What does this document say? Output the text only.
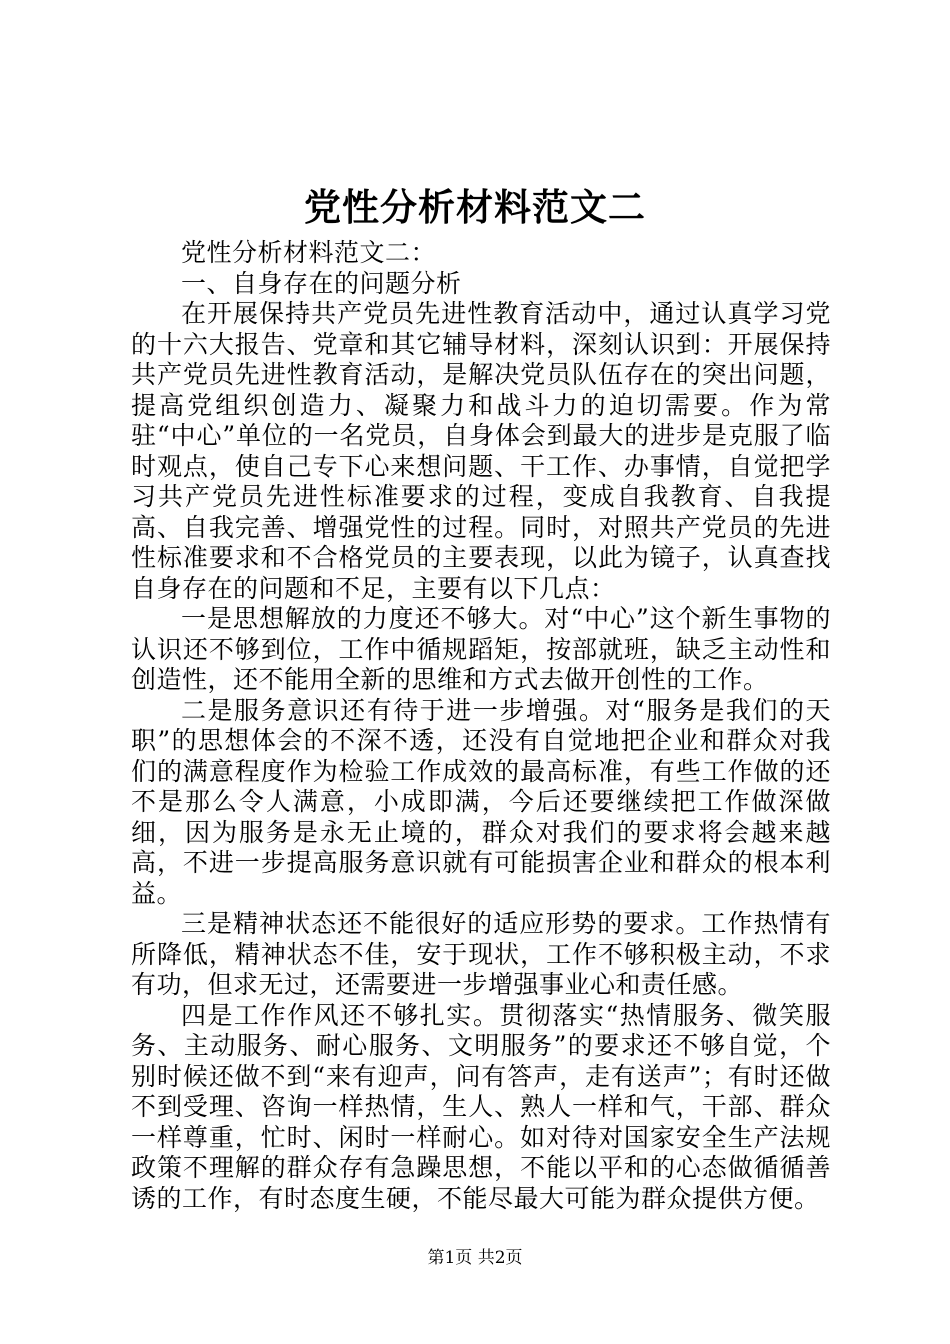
党性分析材料范文二

党性分析材料范文二：

一、自身存在的问题分析

在开展保持共产党员先进性教育活动中，通过认真学习党的十六大报告、党章和其它辅导材料，深刻认识到：开展保持共产党员先进性教育活动，是解决党员队伍存在的突出问题，提高党组织创造力、凝聚力和战斗力的迫切需要。作为常驻“中心”单位的一名党员，自身体会到最大的进步是克服了临时观点，使自己专下心来想问题、干工作、办事情，自觉把学习共产党员先进性标准要求的过程，变成自我教育、自我提高、自我完善、增强党性的过程。同时，对照共产党员的先进性标准要求和不合格党员的主要表现，以此为镜子，认真查找自身存在的问题和不足，主要有以下几点：

一是思想解放的力度还不够大。对“中心”这个新生事物的认识还不够到位，工作中循规蹈矩，按部就班，缺乏主动性和创造性，还不能用全新的思维和方式去做开创性的工作。

二是服务意识还有待于进一步增强。对“服务是我们的天职”的思想体会的不深不透，还没有自觉地把企业和群众对我们的满意程度作为检验工作成效的最高标准，有些工作做的还不是那么令人满意，小成即满，今后还要继续把工作做深做细，因为服务是永无止境的，群众对我们的要求将会越来越高，不进一步提高服务意识就有可能损害企业和群众的根本利益。

三是精神状态还不能很好的适应形势的要求。工作热情有所降低，精神状态不佳，安于现状，工作不够积极主动，不求有功，但求无过，还需要进一步增强事业心和责任感。

四是工作作风还不够扎实。贯彻落实“热情服务、微笑服务、主动服务、耐心服务、文明服务”的要求还不够自觉，个别时候还做不到“来有迎声，问有答声，走有送声”；有时还做不到受理、咨询一样热情，生人、熟人一样和气，干部、群众一样尊重，忙时、闲时一样耐心。如对待对国家安全生产法规政策不理解的群众存有急躁思想，不能以平和的心态做循循善诱的工作，有时态度生硬，不能尽最大可能为群众提供方便。

第1页 共2页
